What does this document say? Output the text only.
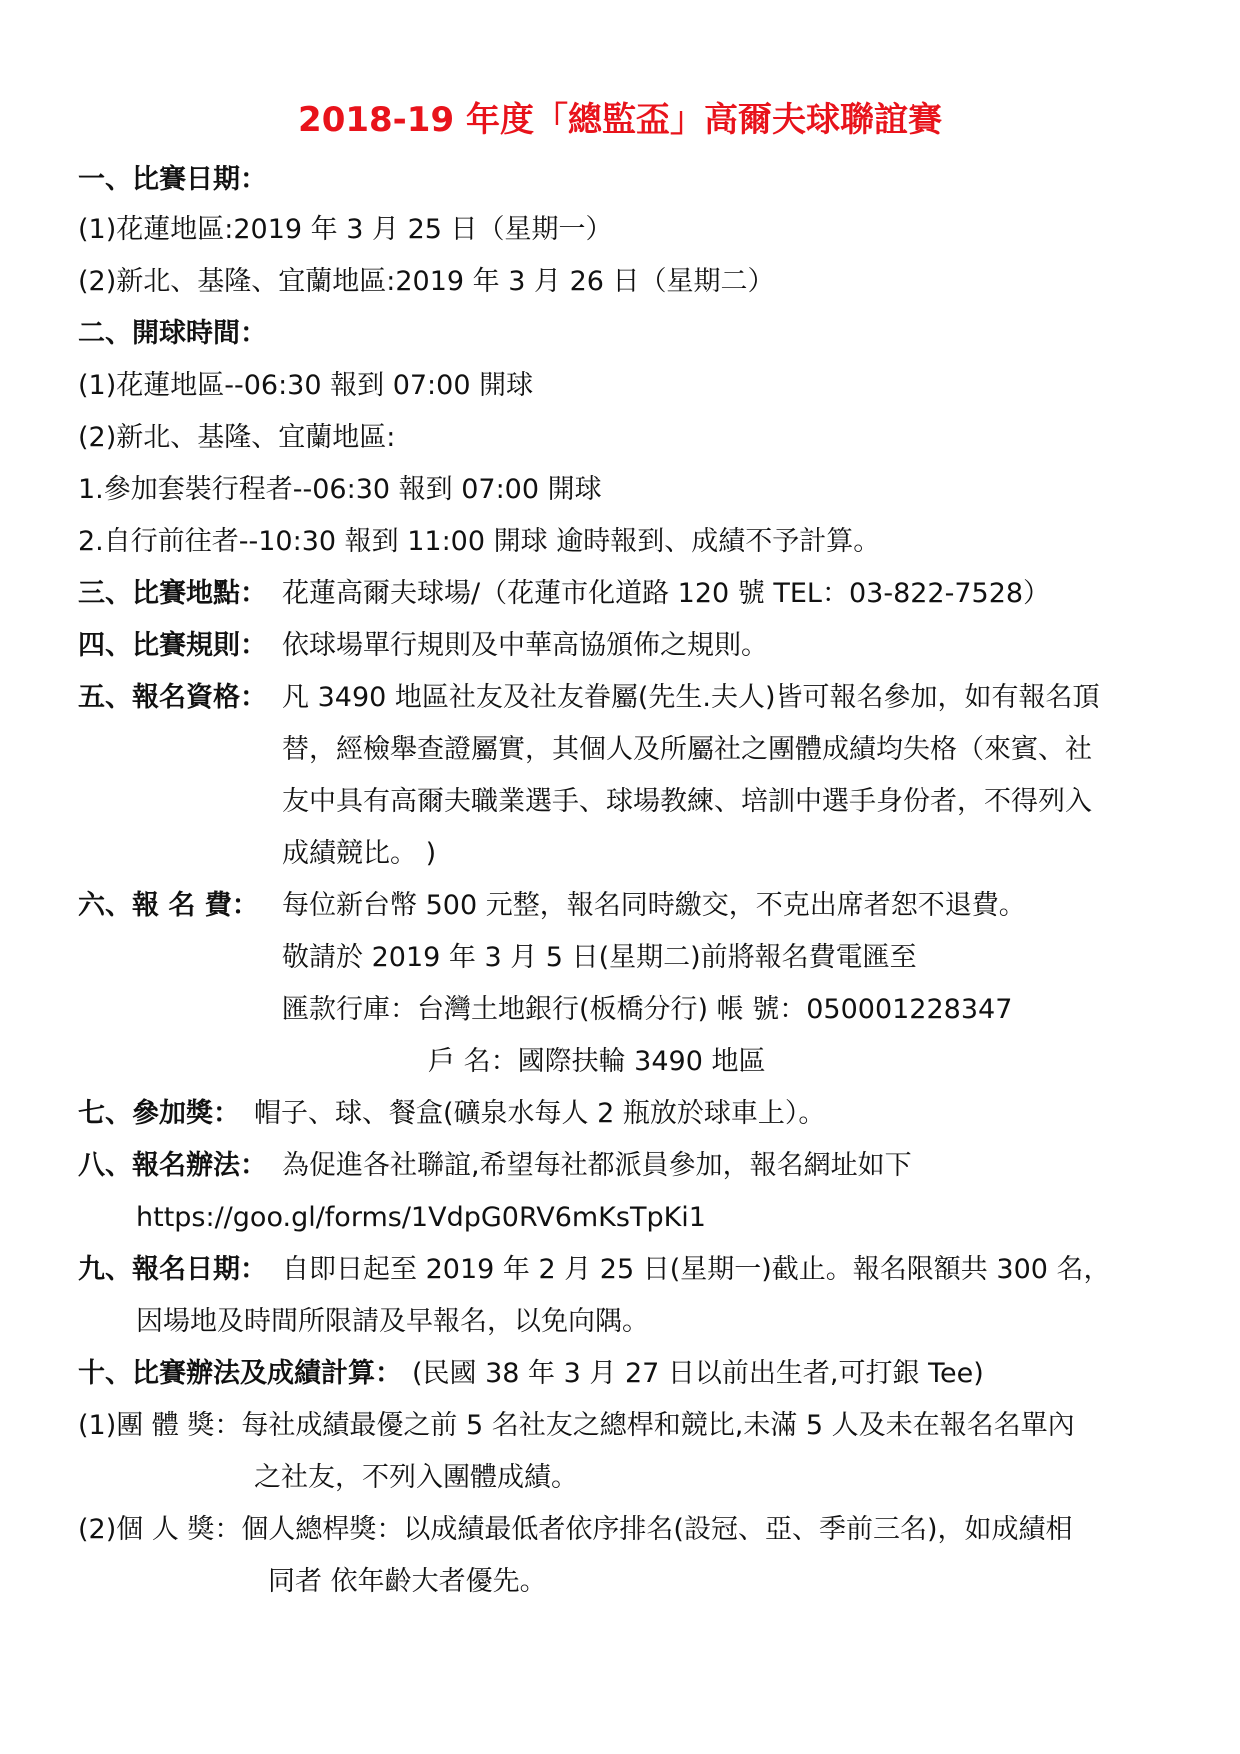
2018-19 年度「總監盃」高爾夫球聯誼賽
一、比賽日期：
(1)花蓮地區:2019 年 3 月 25 日（星期一）
(2)新北、基隆、宜蘭地區:2019 年 3 月 26 日（星期二）
二、開球時間：
(1)花蓮地區--06:30 報到 07:00 開球
(2)新北、基隆、宜蘭地區:
1.參加套裝行程者--06:30 報到 07:00 開球
2.自行前往者--10:30 報到 11:00 開球 逾時報到、成績不予計算。
三、比賽地點： 花蓮高爾夫球場/（花蓮市化道路 120 號 TEL：03-822-7528）
四、比賽規則： 依球場單行規則及中華高協頒佈之規則。
五、報名資格： 凡 3490 地區社友及社友眷屬(先生.夫人)皆可報名參加，如有報名頂
替，經檢舉查證屬實，其個人及所屬社之團體成績均失格（來賓、社
友中具有高爾夫職業選手、球場教練、培訓中選手身份者，不得列入
成績競比。 )
六、報 名 費： 每位新台幣 500 元整，報名同時繳交，不克出席者恕不退費。
敬請於 2019 年 3 月 5 日(星期二)前將報名費電匯至
匯款行庫：台灣土地銀行(板橋分行) 帳 號：050001228347
戶 名：國際扶輪 3490 地區
七、參加獎： 帽子、球、餐盒(礦泉水每人 2 瓶放於球車上）。
八、報名辦法： 為促進各社聯誼,希望每社都派員參加，報名網址如下
https://goo.gl/forms/1VdpG0RV6mKsTpKi1
九、報名日期： 自即日起至 2019 年 2 月 25 日(星期一)截止。報名限額共 300 名，
因場地及時間所限請及早報名，以免向隅。
十、比賽辦法及成績計算： (民國 38 年 3 月 27 日以前出生者,可打銀 Tee)
(1)團 體 獎：每社成績最優之前 5 名社友之總桿和競比,未滿 5 人及未在報名名單內
之社友，不列入團體成績。
(2)個 人 獎：個人總桿獎：以成績最低者依序排名(設冠、亞、季前三名)，如成績相
同者 依年齡大者優先。
